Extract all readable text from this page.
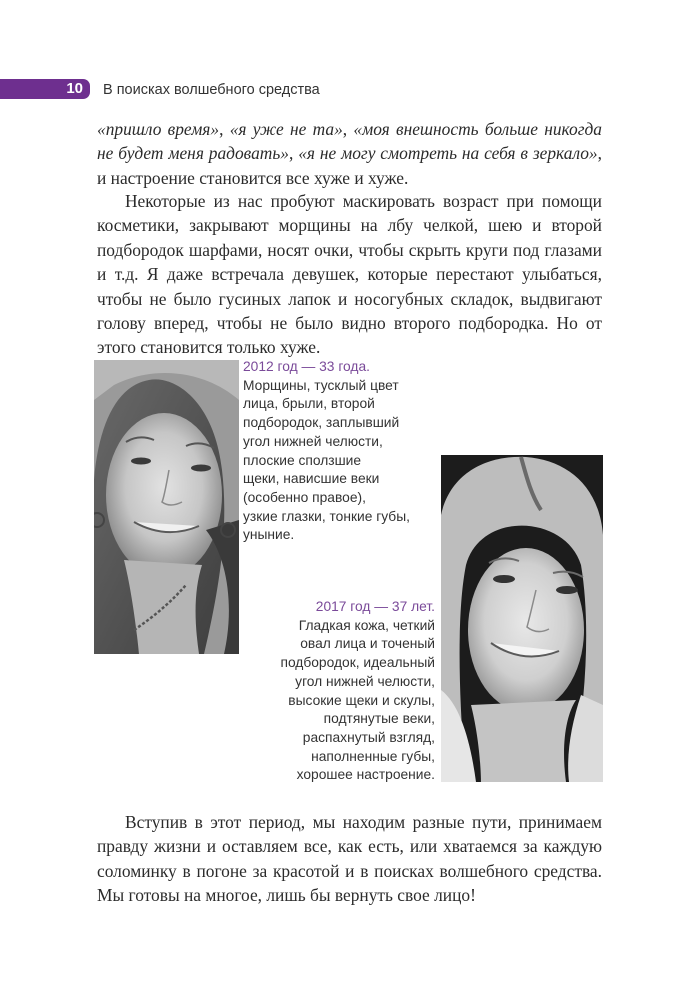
10 В поисках волшебного средства
«пришло время», «я уже не та», «моя внешность больше никогда не будет меня радовать», «я не могу смотреть на себя в зеркало», и настроение становится все хуже и хуже.
Некоторые из нас пробуют маскировать возраст при помощи косметики, закрывают морщины на лбу челкой, шею и второй подбородок шарфами, носят очки, чтобы скрыть круги под глазами и т.д. Я даже встречала девушек, которые перестают улыбаться, чтобы не было гусиных лапок и носогубных складок, выдвигают голову вперед, чтобы не было видно второго подбородка. Но от этого становится только хуже.
2012 год — 33 года.
Морщины, тусклый цвет
лица, брыли, второй
подбородок, заплывший
угол нижней челюсти,
плоские сползшие
щеки, нависшие веки
(особенно правое),
узкие глазки, тонкие губы,
уныние.
2017 год — 37 лет.
Гладкая кожа, четкий
овал лица и точеный
подбородок, идеальный
угол нижней челюсти,
высокие щеки и скулы,
подтянутые веки,
распахнутый взгляд,
наполненные губы,
хорошее настроение.
Вступив в этот период, мы находим разные пути, принимаем правду жизни и оставляем все, как есть, или хватаемся за каждую соломинку в погоне за красотой и в поисках волшебного средства. Мы готовы на многое, лишь бы вернуть свое лицо!
